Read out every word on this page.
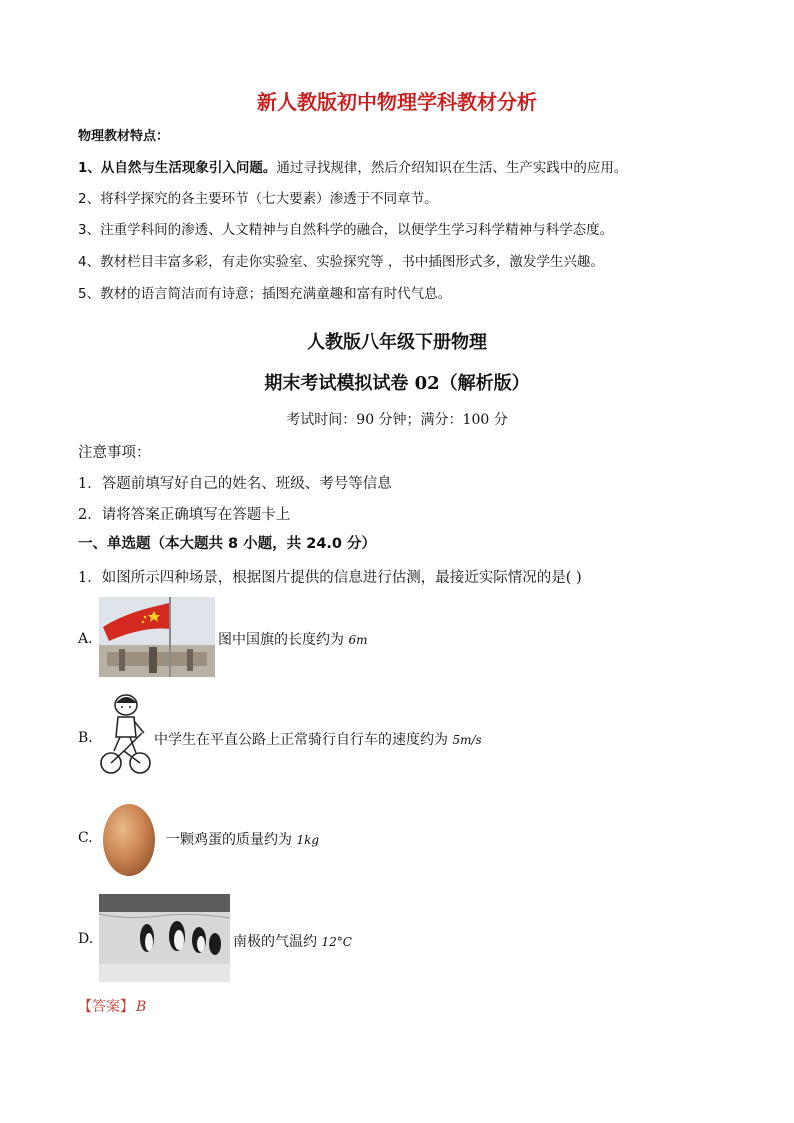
新人教版初中物理学科教材分析
物理教材特点：
1、从自然与生活现象引入问题。通过寻找规律，然后介绍知识在生活、生产实践中的应用。
2、将科学探究的各主要环节（七大要素）渗透于不同章节。
3、注重学科间的渗透、人文精神与自然科学的融合，以便学生学习科学精神与科学态度。
4、教材栏目丰富多彩，有走你实验室、实验探究等 ，书中插图形式多，激发学生兴趣。
5、教材的语言简洁而有诗意；插图充满童趣和富有时代气息。
人教版八年级下册物理
期末考试模拟试卷 02（解析版）
考试时间：90 分钟；满分：100 分
注意事项：
1．答题前填写好自己的姓名、班级、考号等信息
2．请将答案正确填写在答题卡上
一、单选题（本大题共 8 小题，共 24.0 分）
1．如图所示四种场景，根据图片提供的信息进行估测，最接近实际情况的是( )
A.	图中国旗的长度约为 6m
B.	中学生在平直公路上正常骑行自行车的速度约为 5m/s
C.	一颗鸡蛋的质量约为 1kg
D.	南极的气温约 12°C
【答案】 B
